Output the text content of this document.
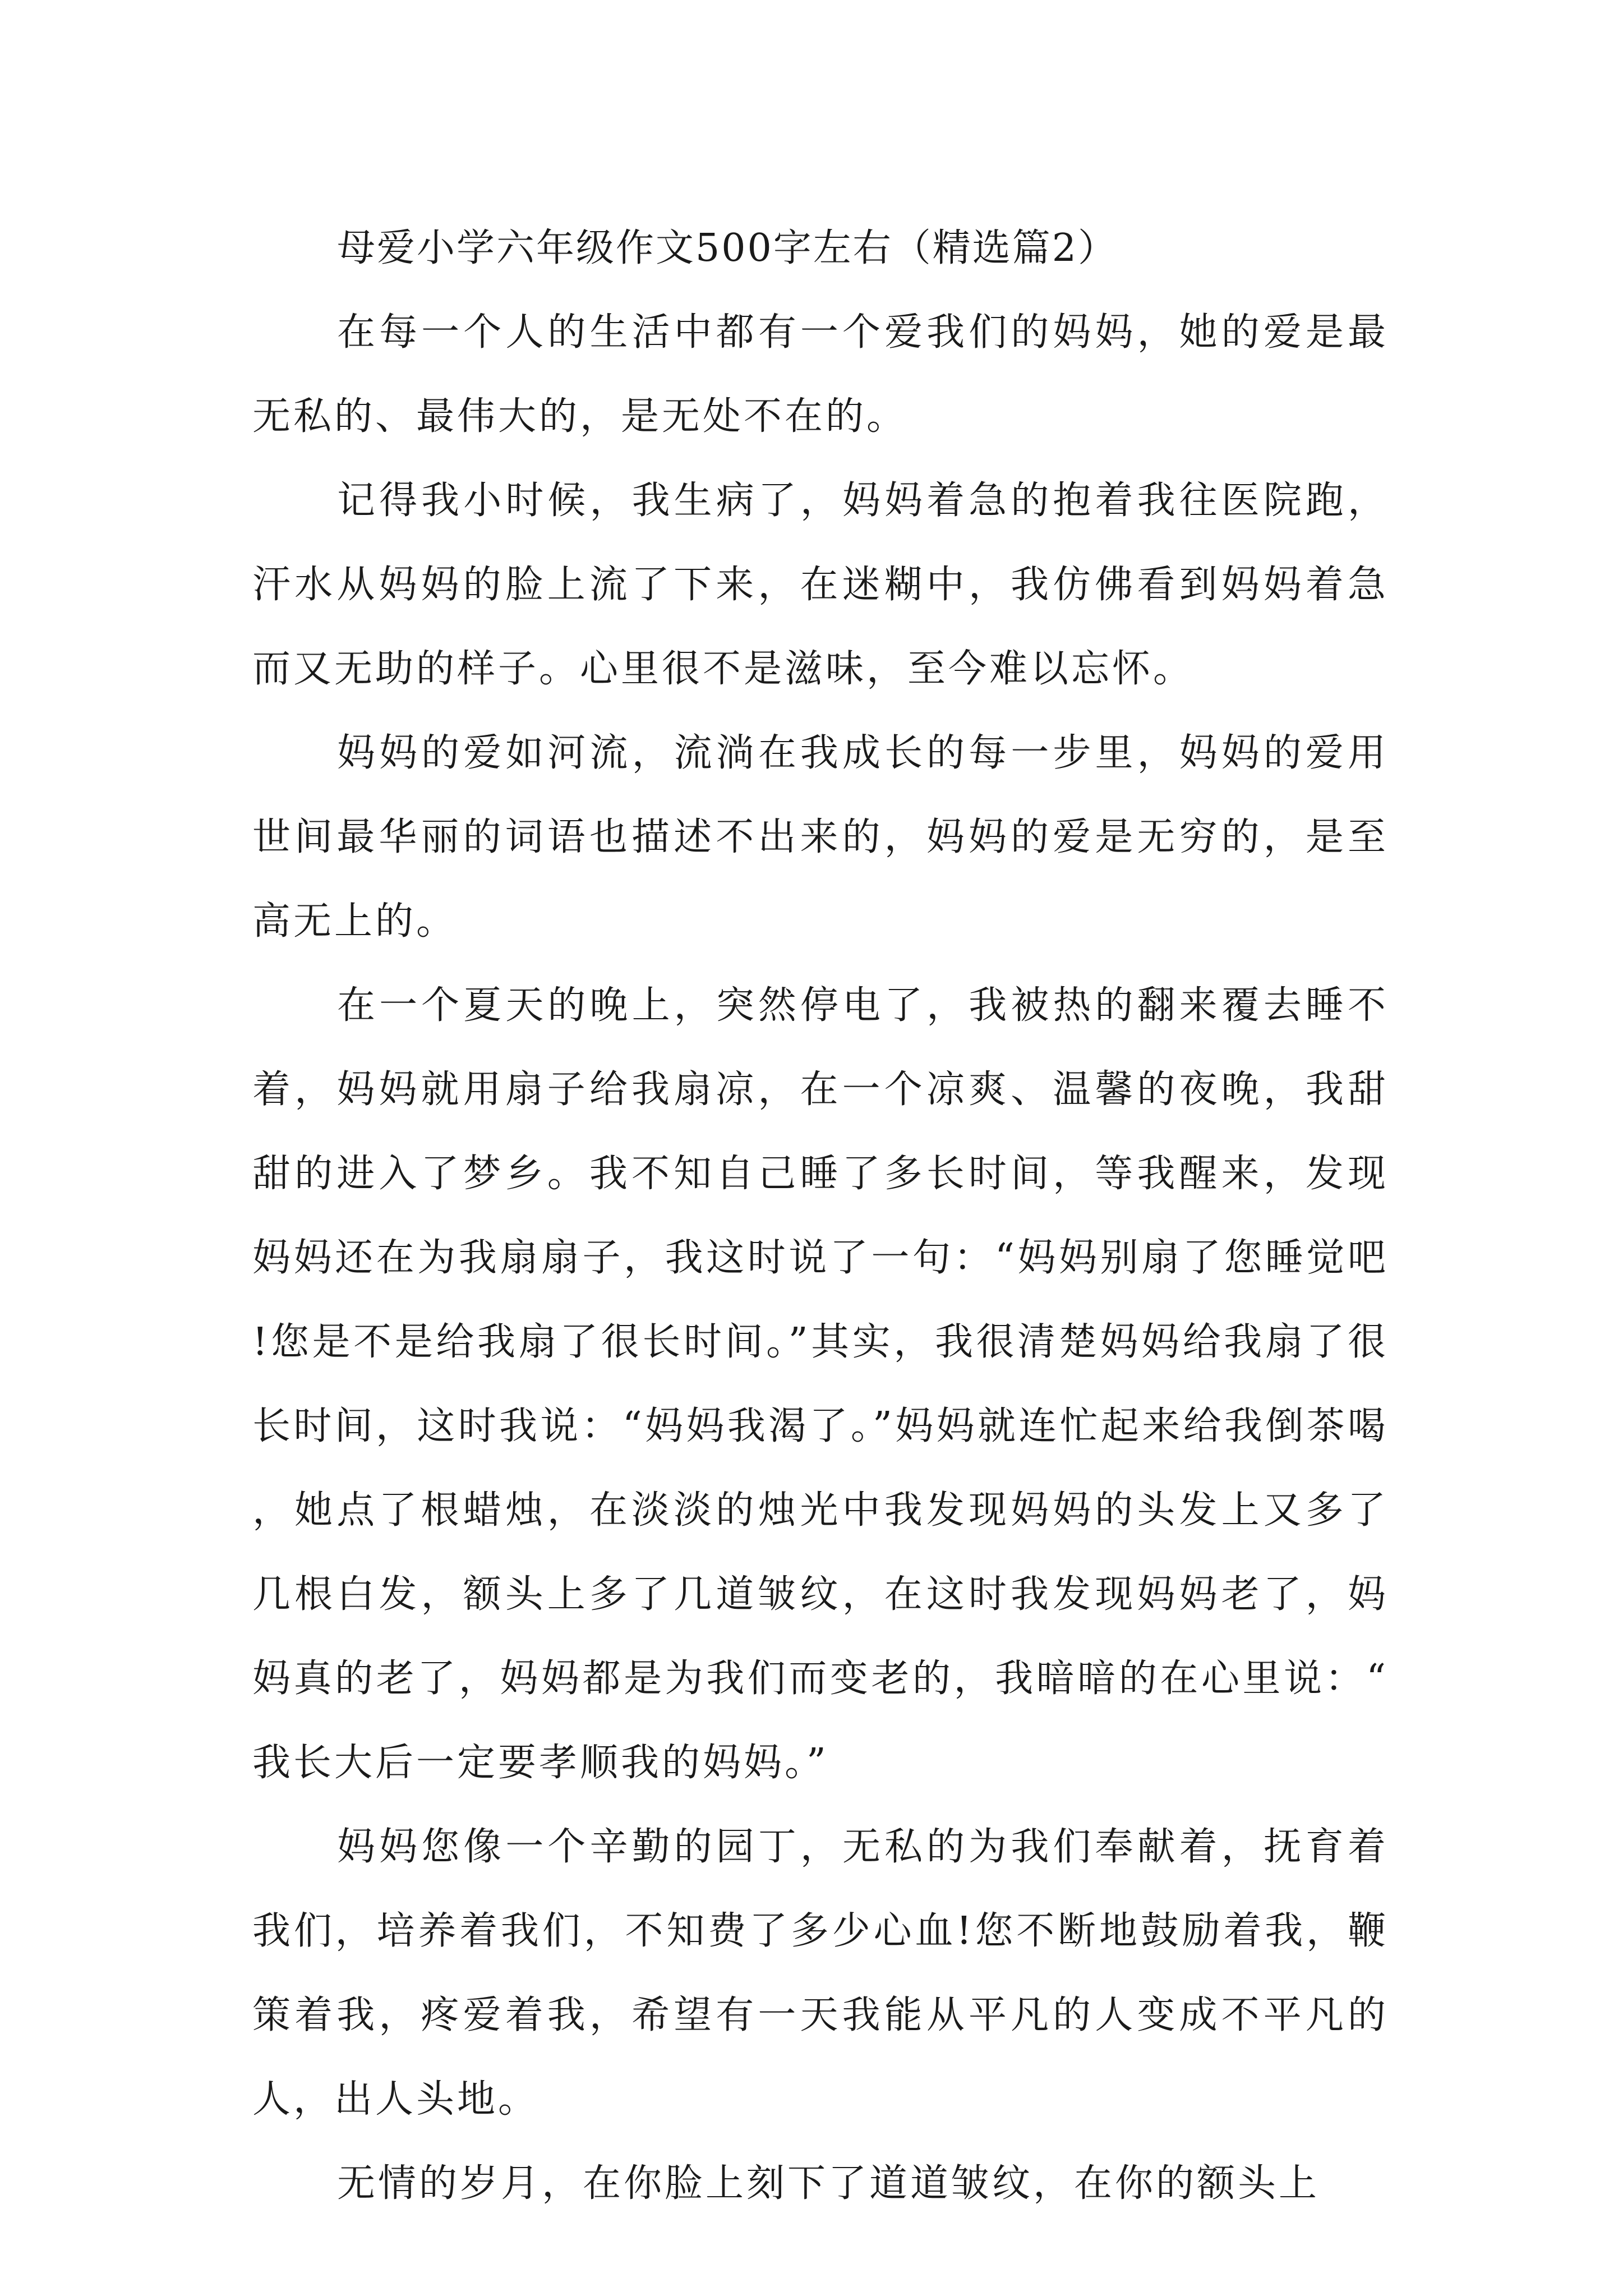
母爱小学六年级作文500字左右（精选篇2）

在每一个人的生活中都有一个爱我们的妈妈，她的爱是最无私的、最伟大的，是无处不在的。

记得我小时候，我生病了，妈妈着急的抱着我往医院跑，汗水从妈妈的脸上流了下来，在迷糊中，我仿佛看到妈妈着急而又无助的样子。心里很不是滋味，至今难以忘怀。

妈妈的爱如河流，流淌在我成长的每一步里，妈妈的爱用世间最华丽的词语也描述不出来的，妈妈的爱是无穷的，是至高无上的。

在一个夏天的晚上，突然停电了，我被热的翻来覆去睡不着，妈妈就用扇子给我扇凉，在一个凉爽、温馨的夜晚，我甜甜的进入了梦乡。我不知自己睡了多长时间，等我醒来，发现妈妈还在为我扇扇子，我这时说了一句：“妈妈别扇了您睡觉吧!您是不是给我扇了很长时间。”其实，我很清楚妈妈给我扇了很长时间，这时我说：“妈妈我渴了。”妈妈就连忙起来给我倒茶喝，她点了根蜡烛，在淡淡的烛光中我发现妈妈的头发上又多了几根白发，额头上多了几道皱纹，在这时我发现妈妈老了，妈妈真的老了，妈妈都是为我们而变老的，我暗暗的在心里说：“我长大后一定要孝顺我的妈妈。”

妈妈您像一个辛勤的园丁，无私的为我们奉献着，抚育着我们，培养着我们，不知费了多少心血!您不断地鼓励着我，鞭策着我，疼爱着我，希望有一天我能从平凡的人变成不平凡的人，出人头地。

无情的岁月，在你脸上刻下了道道皱纹，在你的额头上
